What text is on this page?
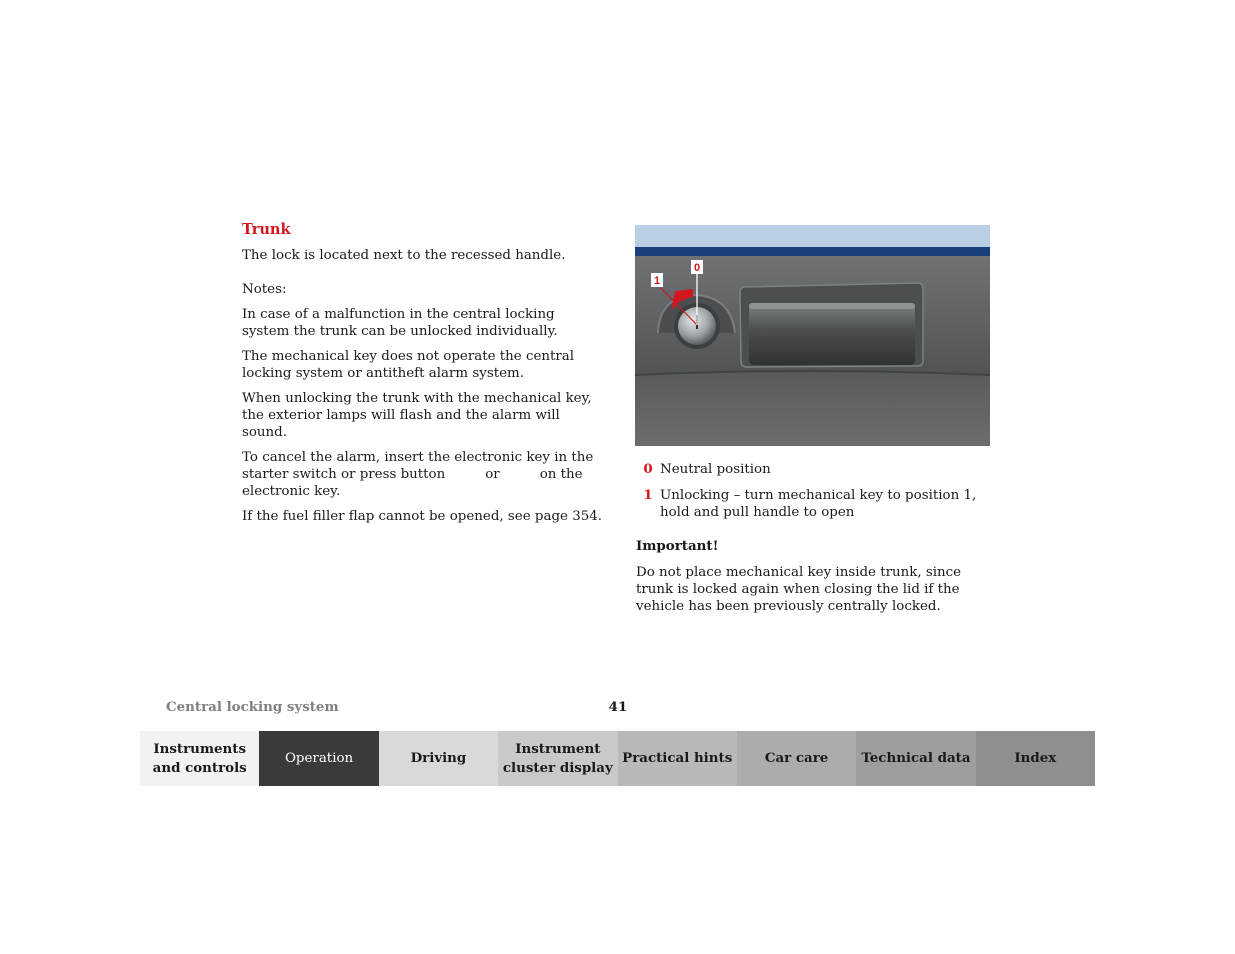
Trunk

The lock is located next to the recessed handle.

Notes:

In case of a malfunction in the central locking system the trunk can be unlocked individually.

The mechanical key does not operate the central locking system or antitheft alarm system.

When unlocking the trunk with the mechanical key, the exterior lamps will flash and the alarm will sound.

To cancel the alarm, insert the electronic key in the starter switch or press button	or	on the electronic key.

If the fuel filler flap cannot be opened, see page 354.

1
0
0 Neutral position
1 Unlocking – turn mechanical key to position 1, hold and pull handle to open

Important!

Do not place mechanical key inside trunk, since trunk is locked again when closing the lid if the vehicle has been previously centrally locked.

Central locking system	41
Instruments and controls
Operation	Driving
Instrument cluster display
Practical hints	Car care	Technical data	Index
